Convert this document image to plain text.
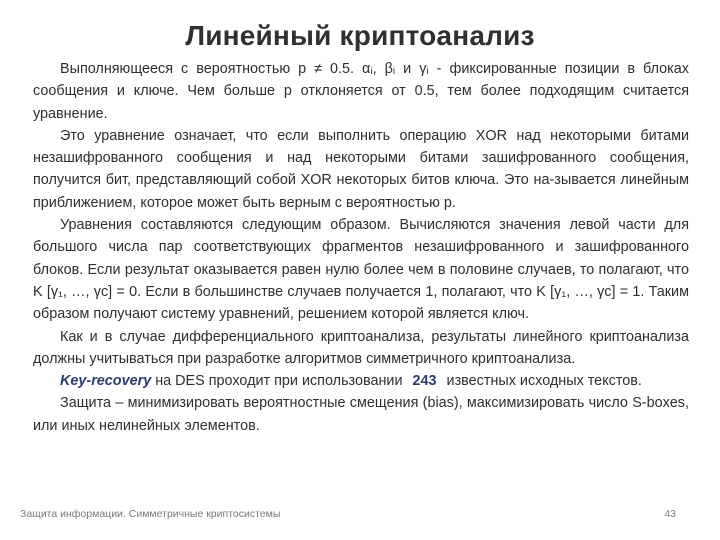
Линейный криптоанализ

Выполняющееся с вероятностью p ≠ 0.5. αᵢ, βᵢ и γᵢ - фиксированные позиции в блоках сообщения и ключе. Чем больше p отклоняется от 0.5, тем более подходящим считается уравнение.

Это уравнение означает, что если выполнить операцию XOR над некоторыми битами незашифрованного сообщения и над некоторыми битами зашифрованного сообщения, получится бит, представляющий собой XOR некоторых битов ключа. Это на-зывается линейным приближением, которое может быть верным с вероятностью p.

Уравнения составляются следующим образом. Вычисляются значения левой части для большого числа пар соответствующих фрагментов незашифрованного и зашифрованного блоков. Если результат оказывается равен нулю более чем в половине случаев, то полагают, что K [γ₁, …, γc] = 0. Если в большинстве случаев получается 1, полагают, что K [γ₁, …, γc] = 1. Таким образом получают систему уравнений, решением которой является ключ.

Как и в случае дифференциального криптоанализа, результаты линейного криптоанализа должны учитываться при разработке алгоритмов симметричного криптоанализа.

Key-recovery на DES проходит при использовании 243 известных исходных текстов.

Защита – минимизировать вероятностные смещения (bias), максимизировать число S-boxes, или иных нелинейных элементов.

Защита информации. Симметричные криптосистемы	43
